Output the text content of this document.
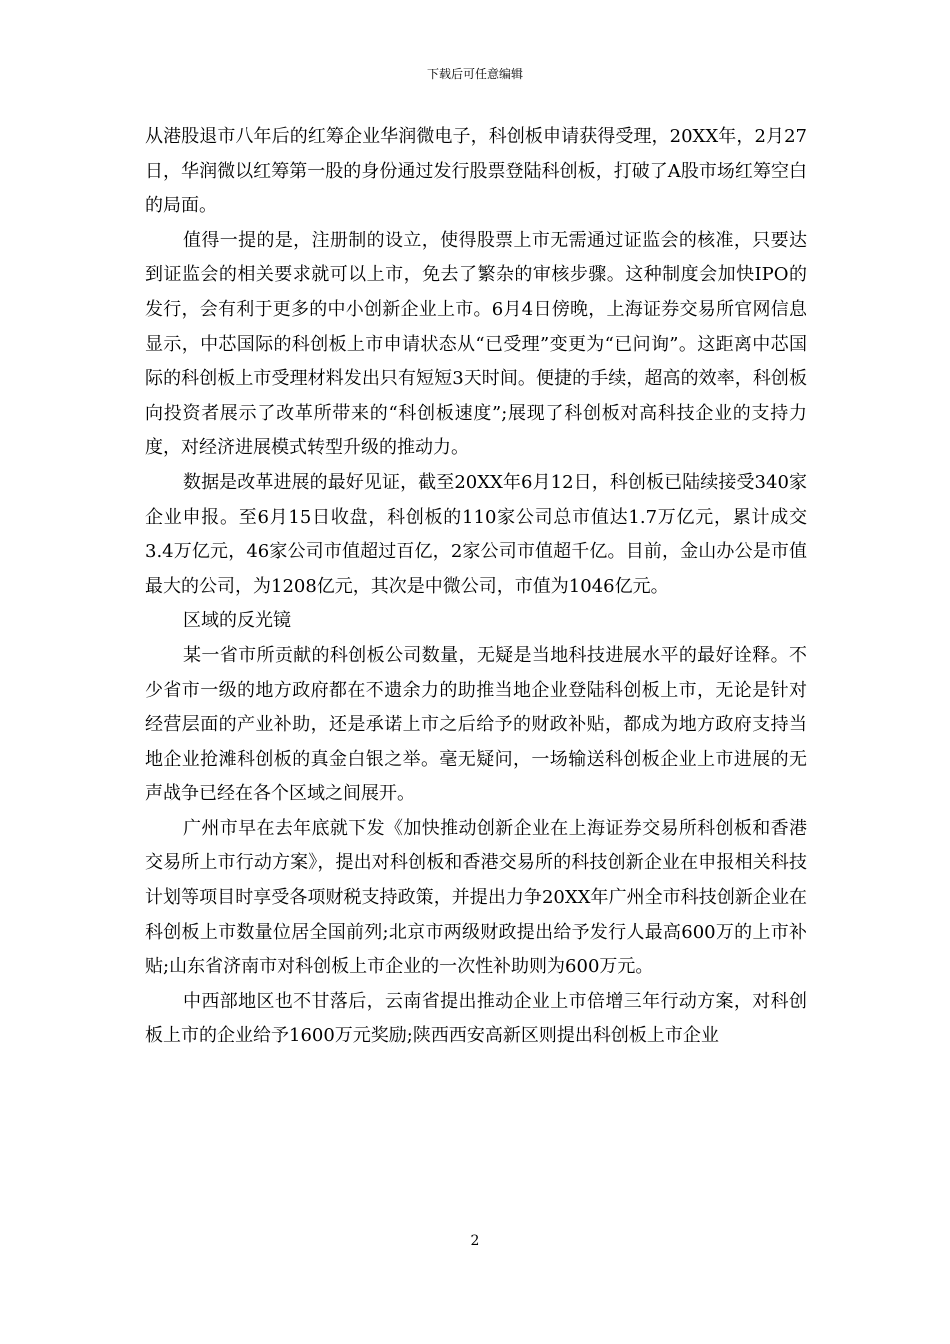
下载后可任意编辑

从港股退市八年后的红筹企业华润微电子，科创板申请获得受理，20XX年，2月27日，华润微以红筹第一股的身份通过发行股票登陆科创板，打破了A股市场红筹空白的局面。

值得一提的是，注册制的设立，使得股票上市无需通过证监会的核准，只要达到证监会的相关要求就可以上市，免去了繁杂的审核步骤。这种制度会加快IPO的发行，会有利于更多的中小创新企业上市。6月4日傍晚，上海证券交易所官网信息显示，中芯国际的科创板上市申请状态从“已受理”变更为“已问询”。这距离中芯国际的科创板上市受理材料发出只有短短3天时间。便捷的手续，超高的效率，科创板向投资者展示了改革所带来的“科创板速度”;展现了科创板对高科技企业的支持力度，对经济进展模式转型升级的推动力。

数据是改革进展的最好见证，截至20XX年6月12日，科创板已陆续接受340家企业申报。至6月15日收盘，科创板的110家公司总市值达1.7万亿元，累计成交3.4万亿元，46家公司市值超过百亿，2家公司市值超千亿。目前，金山办公是市值最大的公司，为1208亿元，其次是中微公司，市值为1046亿元。

区域的反光镜

某一省市所贡献的科创板公司数量，无疑是当地科技进展水平的最好诠释。不少省市一级的地方政府都在不遗余力的助推当地企业登陆科创板上市，无论是针对经营层面的产业补助，还是承诺上市之后给予的财政补贴，都成为地方政府支持当地企业抢滩科创板的真金白银之举。毫无疑问，一场输送科创板企业上市进展的无声战争已经在各个区域之间展开。

广州市早在去年底就下发《加快推动创新企业在上海证券交易所科创板和香港交易所上市行动方案》，提出对科创板和香港交易所的科技创新企业在申报相关科技计划等项目时享受各项财税支持政策，并提出力争20XX年广州全市科技创新企业在科创板上市数量位居全国前列;北京市两级财政提出给予发行人最高600万的上市补贴;山东省济南市对科创板上市企业的一次性补助则为600万元。

中西部地区也不甘落后，云南省提出推动企业上市倍增三年行动方案，对科创板上市的企业给予1600万元奖励;陕西西安高新区则提出科创板上市企业

2
